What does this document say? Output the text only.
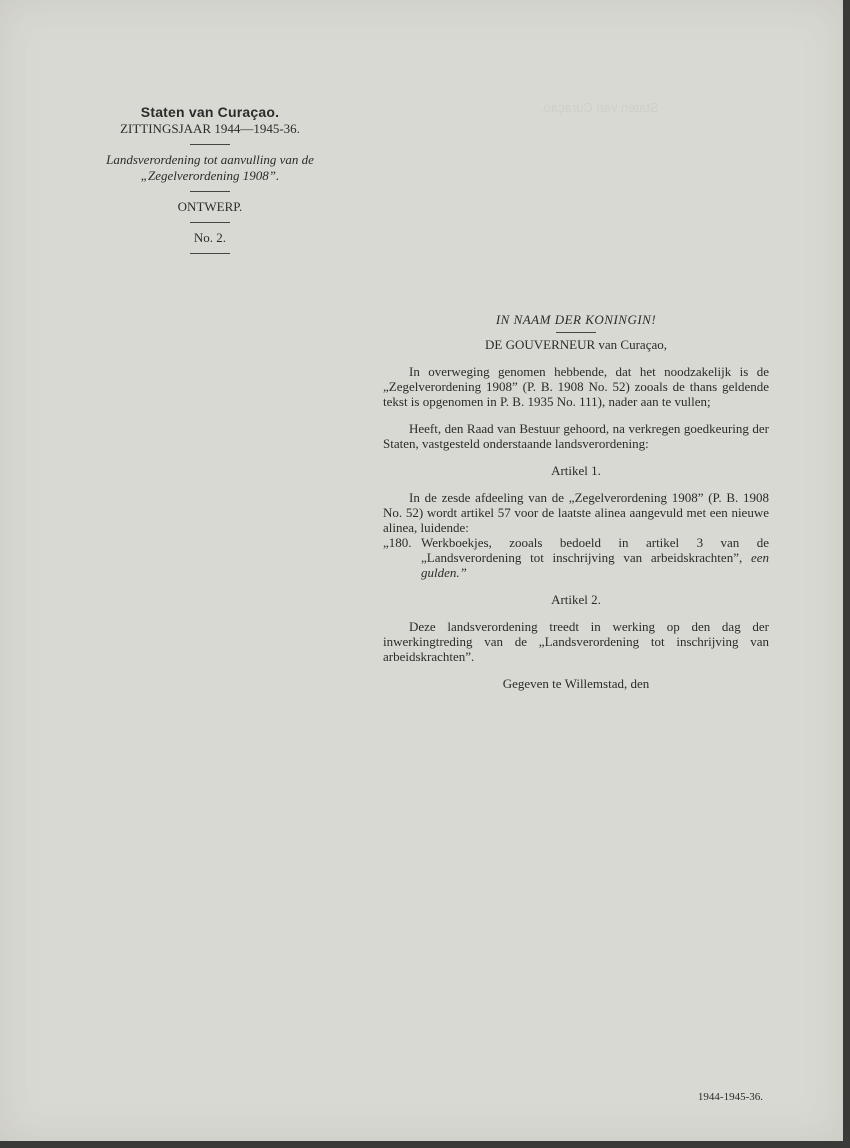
Staten van Curaçao.
Staten van Curaçao.
ZITTINGSJAAR 1944—1945-36.
Landsverordening tot aanvulling van de „Zegelverordening 1908”.
ONTWERP.
No. 2.
IN NAAM DER KONINGIN!
DE GOUVERNEUR van Curaçao,

In overweging genomen hebbende, dat het noodzakelijk is de „Zegelverordening 1908” (P. B. 1908 No. 52) zooals de thans geldende tekst is opgenomen in P. B. 1935 No. 111), nader aan te vullen;

Heeft, den Raad van Bestuur gehoord, na verkregen goedkeuring der Staten, vastgesteld onderstaande landsverordening:

Artikel 1.

In de zesde afdeeling van de „Zegelverordening 1908” (P. B. 1908 No. 52) wordt artikel 57 voor de laatste alinea aangevuld met een nieuwe alinea, luidende:

„180. Werkboekjes, zooals bedoeld in artikel 3 van de „Landsverordening tot inschrijving van arbeidskrachten”, een gulden.”
Artikel 2.

Deze landsverordening treedt in werking op den dag der inwerkingtreding van de „Landsverordening tot inschrijving van arbeidskrachten”.

Gegeven te Willemstad, den
1944-1945-36.
